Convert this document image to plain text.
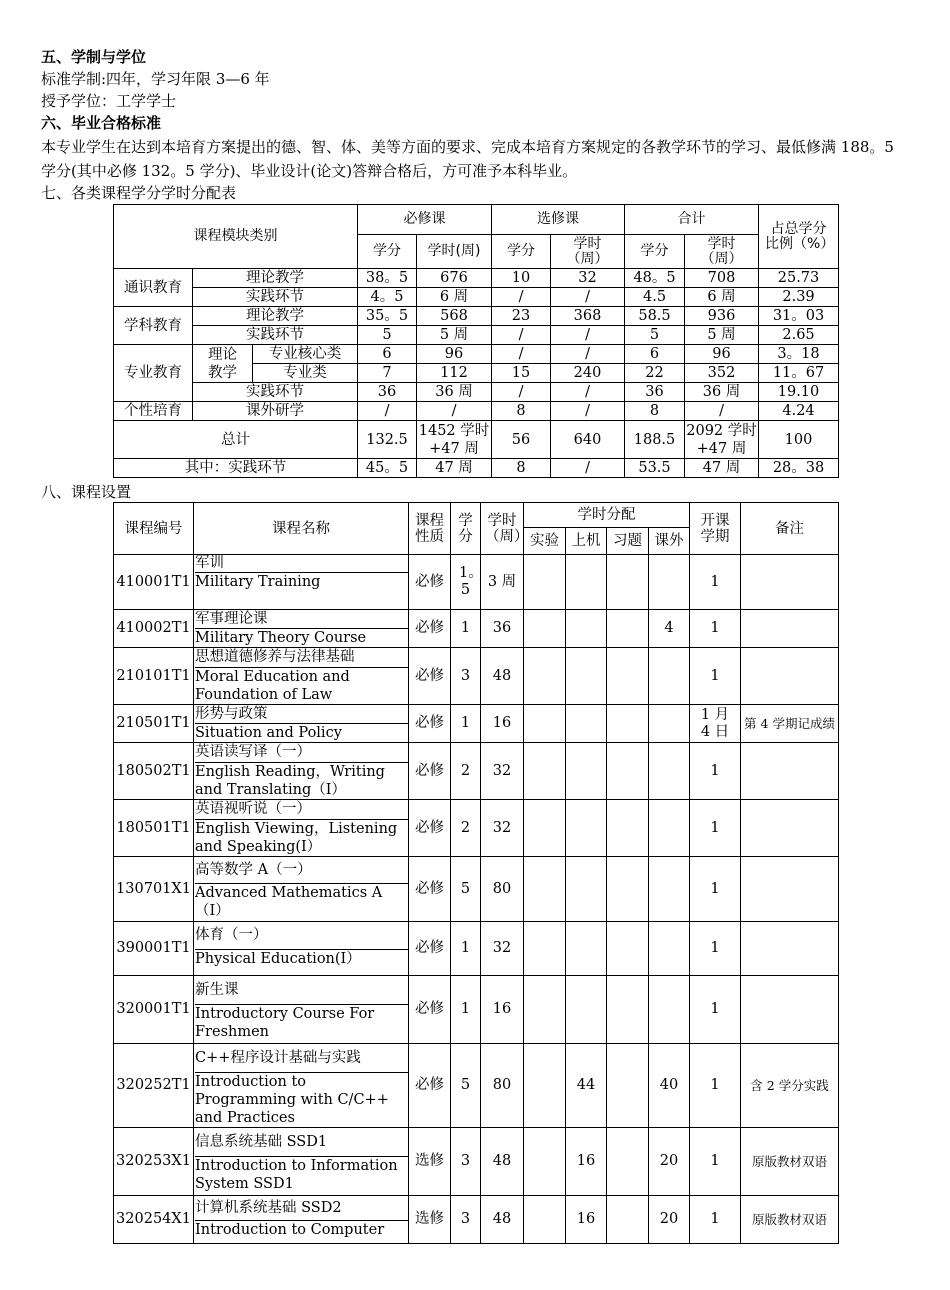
五、学制与学位
标准学制:四年，学习年限 3—6 年
授予学位：工学学士
六、毕业合格标准
本专业学生在达到本培育方案提出的德、智、体、美等方面的要求、完成本培育方案规定的各教学环节的学习、最低修满 188。5 学分(其中必修 132。5 学分)、毕业设计(论文)答辩合格后，方可准予本科毕业。
七、各类课程学分学时分配表
课程模块类别			必修课		选修课		合计		占总学分比例（%）
			学分	学时(周)	学分	学时（周）	学分	学时（周）	
通识教育	理论教学		38。5	676	10	32	48。5	708	25.73
	实践环节		4。5	6 周	/	/	4.5	6 周	2.39
学科教育	理论教学		35。5	568	23	368	58.5	936	31。03
	实践环节		5	5 周	/	/	5	5 周	2.65
专业教育	理论教学	专业核心类	6	96	/	/	6	96	3。18
		专业类	7	112	15	240	22	352	11。67
	实践环节		36	36 周	/	/	36	36 周	19.10
个性培育	课外研学		/	/	8	/	8	/	4.24
总计			132.5	1452 学时+47 周	56	640	188.5	2092 学时+47 周	100
其中：实践环节			45。5	47 周	8	/	53.5	47 周	28。38
八、课程设置
课程编号	课程名称	课程性质	学分	学时（周）	学时分配				开课学期	备注
					实验	上机	习题	课外		
410001T1	军训
Military Training	必修	1。5	3 周					1	
410002T1	军事理论课
Military Theory Course	必修	1	36				4	1	
210101T1	思想道德修养与法律基础
Moral Education and Foundation of Law	必修	3	48					1	
210501T1	形势与政策
Situation and Policy	必修	1	16					1 月 4 日	第 4 学期记成绩
180502T1	英语读写译（一）
English Reading，Writing and Translating（I）	必修	2	32					1	
180501T1	英语视听说（一）
English Viewing，Listening and Speaking(I）	必修	2	32					1	
130701X1	高等数学 A（一）
Advanced Mathematics A（Ⅰ）	必修	5	80					1	
390001T1	体育（一）
Physical Education(Ⅰ）	必修	1	32					1	
320001T1	新生课
Introductory Course For Freshmen	必修	1	16					1	
320252T1	C++程序设计基础与实践
Introduction to Programming with C/C++ and Practices	必修	5	80		44		40	1	含 2 学分实践
320253X1	信息系统基础 SSD1
Introduction to Information System SSD1	选修	3	48		16		20	1	原版教材双语
320254X1	计算机系统基础 SSD2
Introduction to Computer	选修	3	48		16		20	1	原版教材双语
